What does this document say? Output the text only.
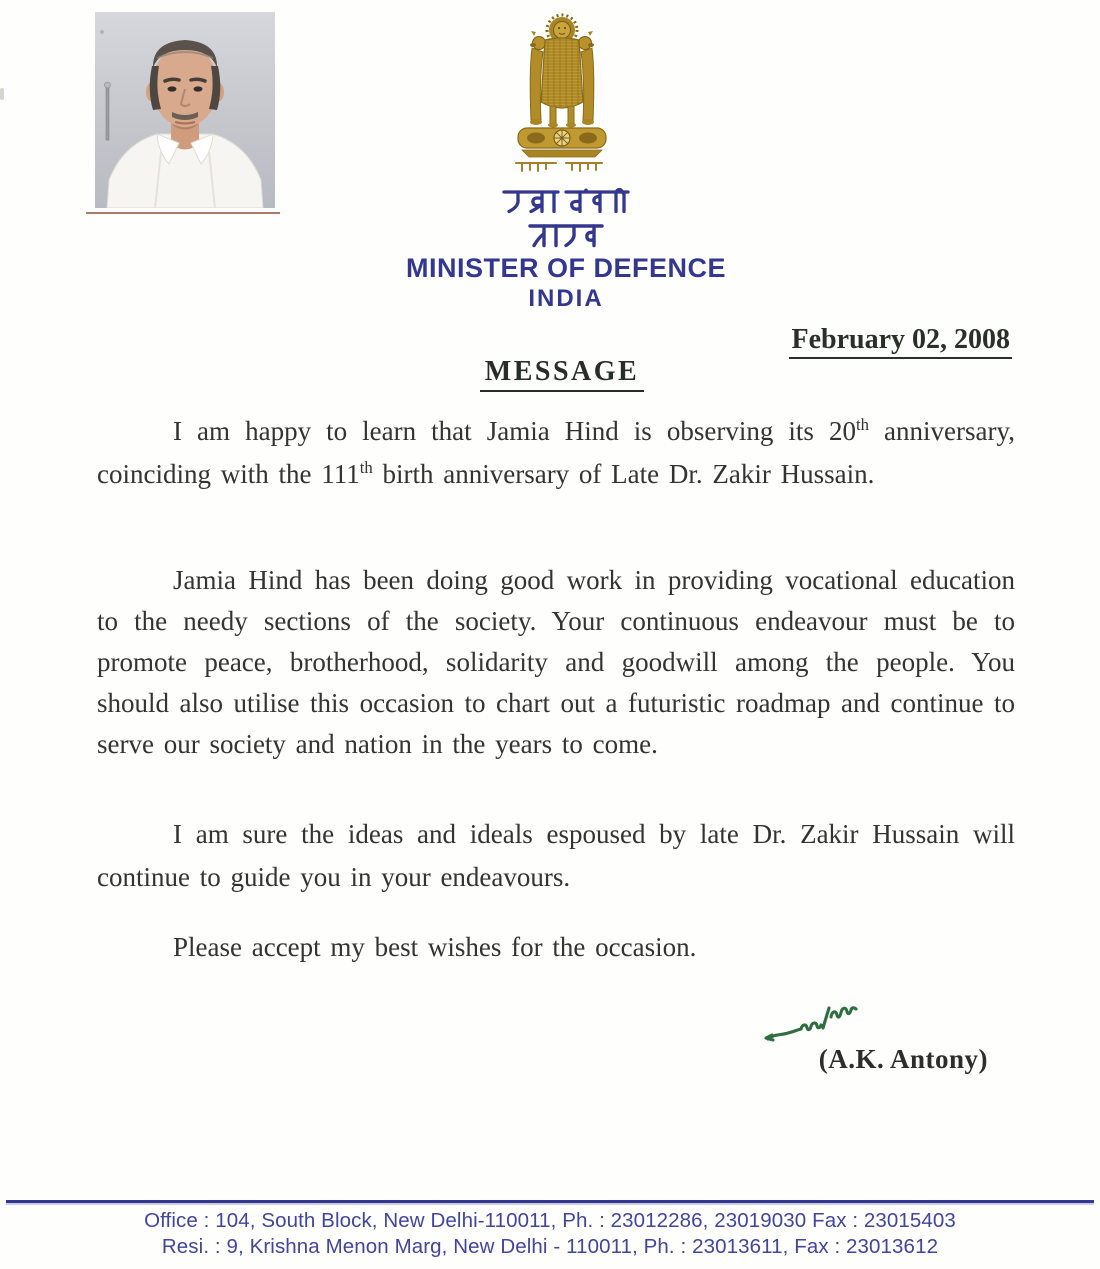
MINISTER OF DEFENCE
INDIA
February 02, 2008
MESSAGE

I am happy to learn that Jamia Hind is observing its 20th anniversary, coinciding with the 111th birth anniversary of Late Dr. Zakir Hussain.

Jamia Hind has been doing good work in providing vocational education to the needy sections of the society. Your continuous endeavour must be to promote peace, brotherhood, solidarity and goodwill among the people. You should also utilise this occasion to chart out a futuristic roadmap and continue to serve our society and nation in the years to come.

I am sure the ideas and ideals espoused by late Dr. Zakir Hussain will continue to guide you in your endeavours.

Please accept my best wishes for the occasion.

(A.K. Antony)
Office : 104, South Block, New Delhi-110011, Ph. : 23012286, 23019030 Fax : 23015403
Resi. : 9, Krishna Menon Marg, New Delhi - 110011, Ph. : 23013611, Fax : 23013612
